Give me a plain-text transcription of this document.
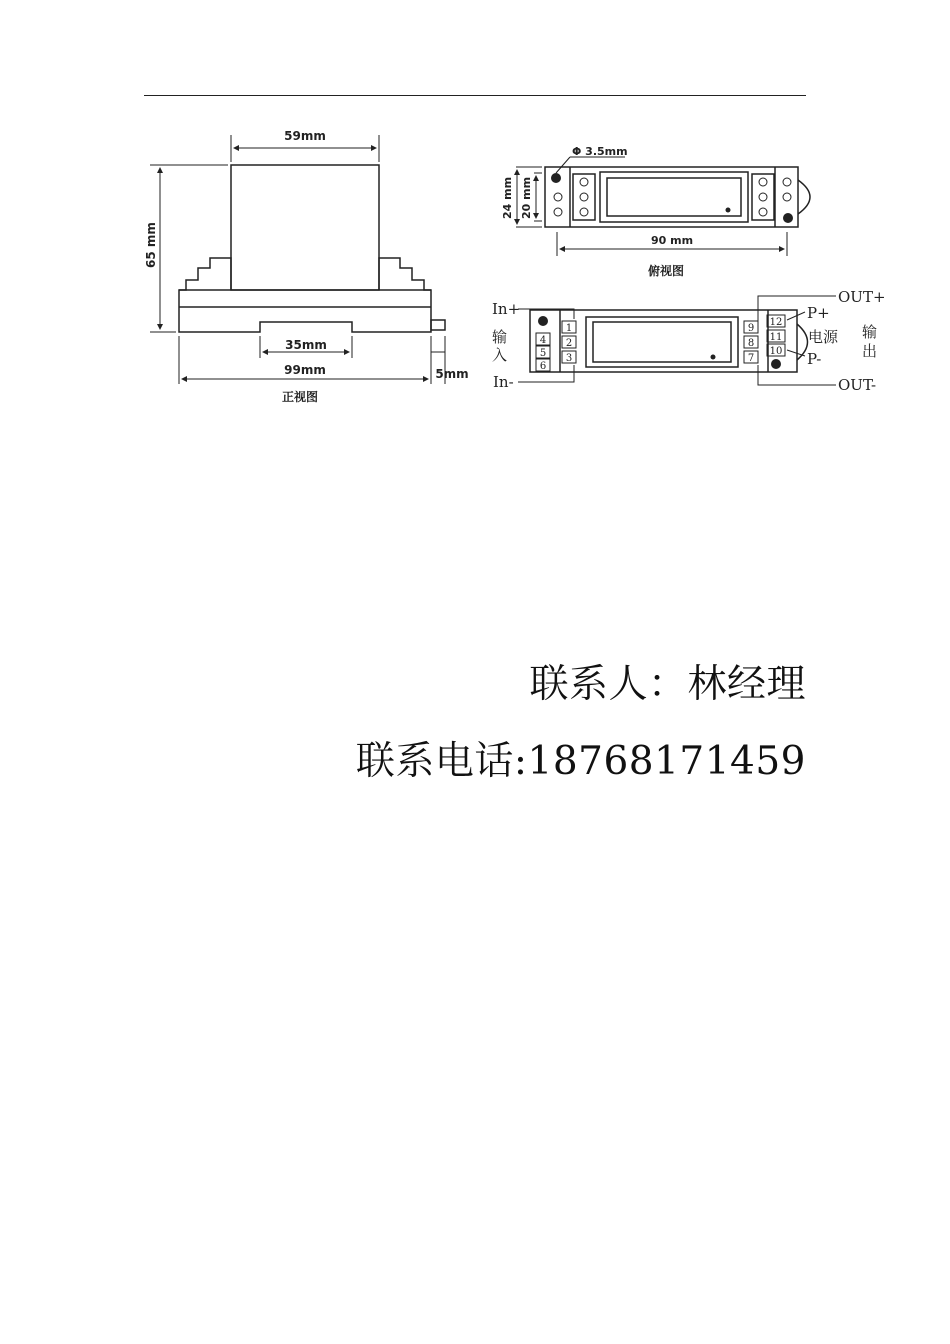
59mm
65 mm
35mm
99mm	5mm
正视图
Φ 3.5mm
24 mm 20 mm
90 mm
俯视图
4
5
6
1
2
3
9
8
7
12
11
10
In+
In-
输
入
P+
P-
电源 输
出
OUT+
OUT-
联系人：林经理
联系电话:18768171459
